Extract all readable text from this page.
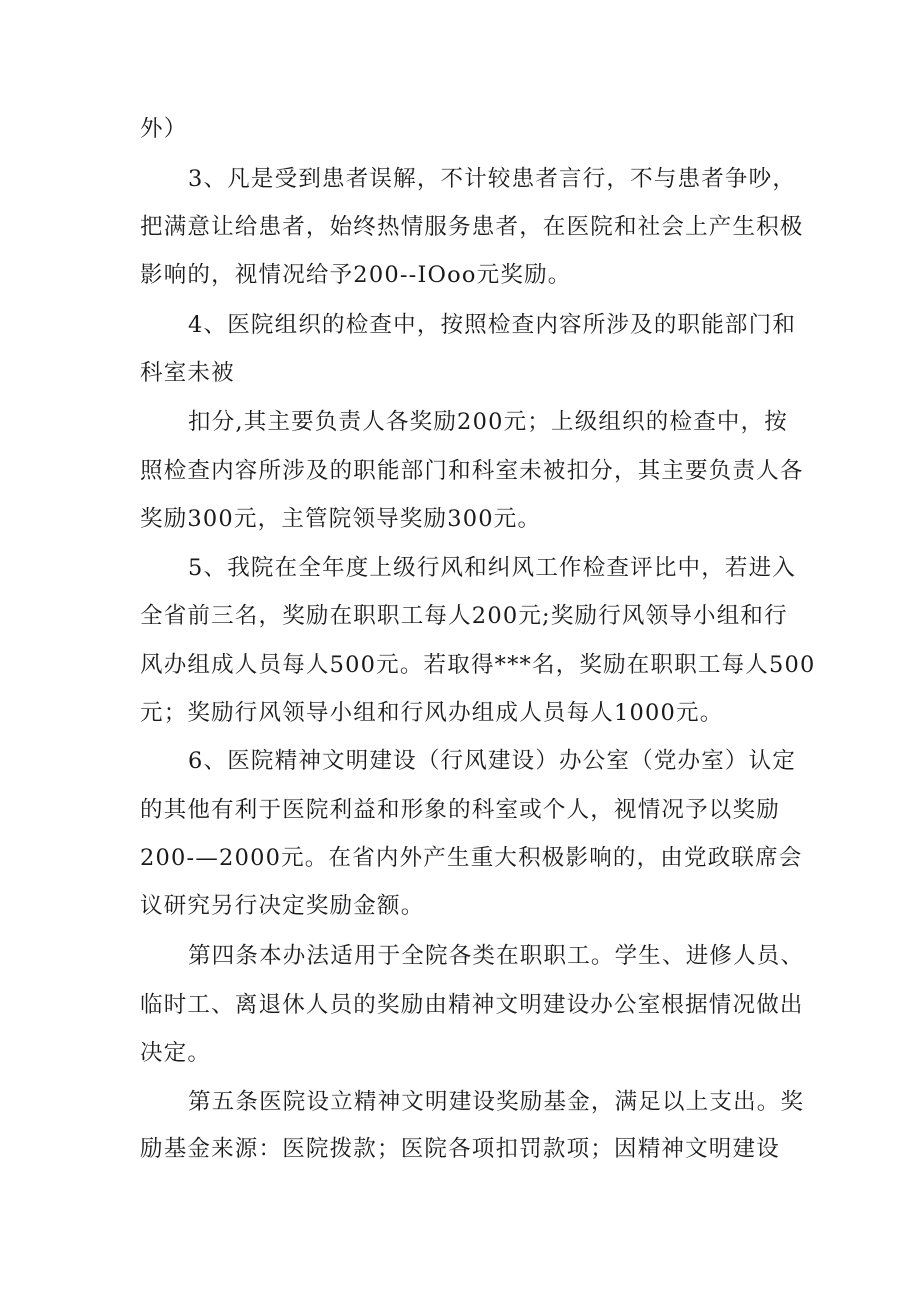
外）
3、凡是受到患者误解，不计较患者言行，不与患者争吵，
把满意让给患者，始终热情服务患者，在医院和社会上产生积极
影响的，视情况给予200--IOoo元奖励。
4、医院组织的检查中，按照检查内容所涉及的职能部门和
科室未被
扣分,其主要负责人各奖励200元；上级组织的检查中，按
照检查内容所涉及的职能部门和科室未被扣分，其主要负责人各
奖励300元，主管院领导奖励300元。
5、我院在全年度上级行风和纠风工作检查评比中，若进入
全省前三名，奖励在职职工每人200元;奖励行风领导小组和行
风办组成人员每人500元。若取得***名，奖励在职职工每人500
元；奖励行风领导小组和行风办组成人员每人1000元。
6、医院精神文明建设（行风建设）办公室（党办室）认定
的其他有利于医院利益和形象的科室或个人，视情况予以奖励
200-—2000元。在省内外产生重大积极影响的，由党政联席会
议研究另行决定奖励金额。
第四条本办法适用于全院各类在职职工。学生、进修人员、
临时工、离退休人员的奖励由精神文明建设办公室根据情况做出
决定。
第五条医院设立精神文明建设奖励基金，满足以上支出。奖
励基金来源：医院拨款；医院各项扣罚款项；因精神文明建设
